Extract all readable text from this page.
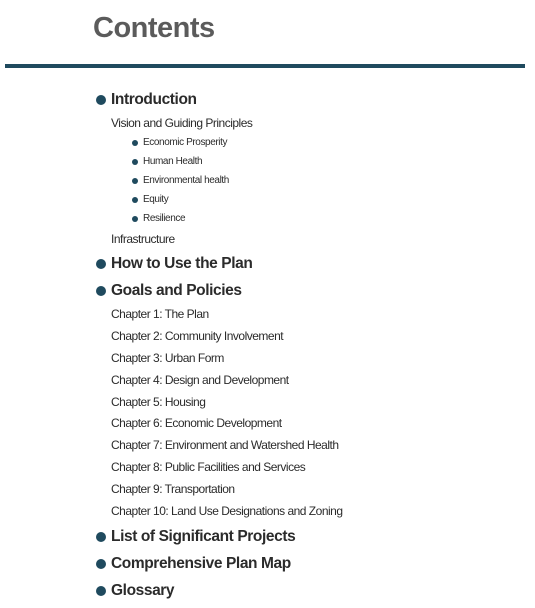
Contents
Introduction
Vision and Guiding Principles
Economic Prosperity
Human Health
Environmental health
Equity
Resilience
Infrastructure
How to Use the Plan
Goals and Policies
Chapter 1: The Plan
Chapter 2: Community Involvement
Chapter 3: Urban Form
Chapter 4: Design and Development
Chapter 5: Housing
Chapter 6: Economic Development
Chapter 7: Environment and Watershed Health
Chapter 8: Public Facilities and Services
Chapter 9: Transportation
Chapter 10: Land Use Designations and Zoning
List of Significant Projects
Comprehensive Plan Map
Glossary
